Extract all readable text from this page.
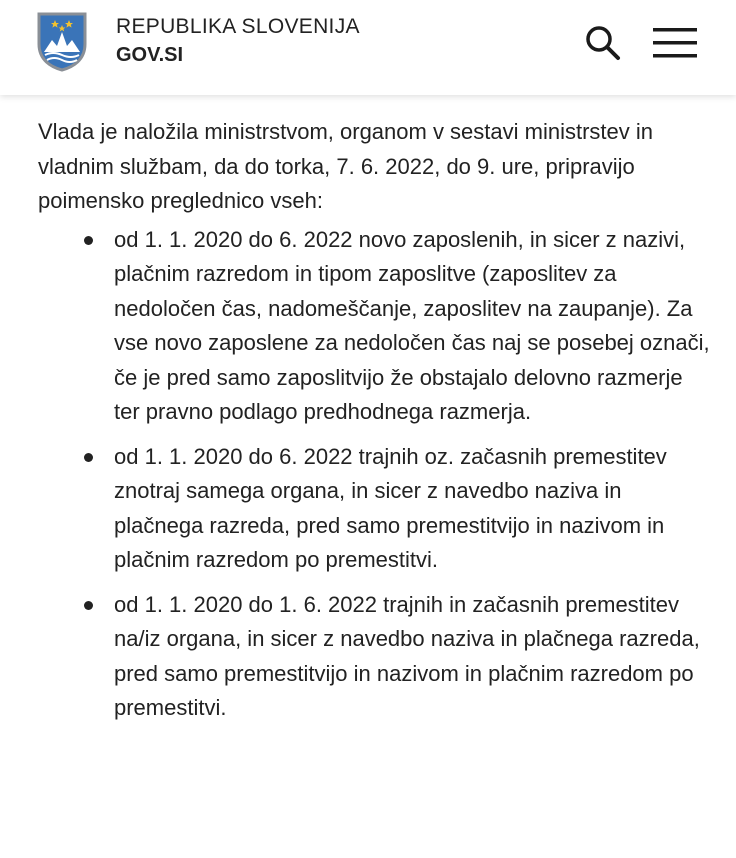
REPUBLIKA SLOVENIJA
GOV.SI

Vlada je naložila ministrstvom, organom v sestavi ministrstev in vladnim službam, da do torka, 7. 6. 2022, do 9. ure, pripravijo poimensko preglednico vseh:

od 1. 1. 2020 do 6. 2022 novo zaposlenih, in sicer z nazivi, plačnim razredom in tipom zaposlitve (zaposlitev za nedoločen čas, nadomeščanje, zaposlitev na zaupanje). Za vse novo zaposlene za nedoločen čas naj se posebej označi, če je pred samo zaposlitvijo že obstajalo delovno razmerje ter pravno podlago predhodnega razmerja.
od 1. 1. 2020 do 6. 2022 trajnih oz. začasnih premestitev znotraj samega organa, in sicer z navedbo naziva in plačnega razreda, pred samo premestitvijo in nazivom in plačnim razredom po premestitvi.
od 1. 1. 2020 do 1. 6. 2022 trajnih in začasnih premestitev na/iz organa, in sicer z navedbo naziva in plačnega razreda, pred samo premestitvijo in nazivom in plačnim razredom po premestitvi.
